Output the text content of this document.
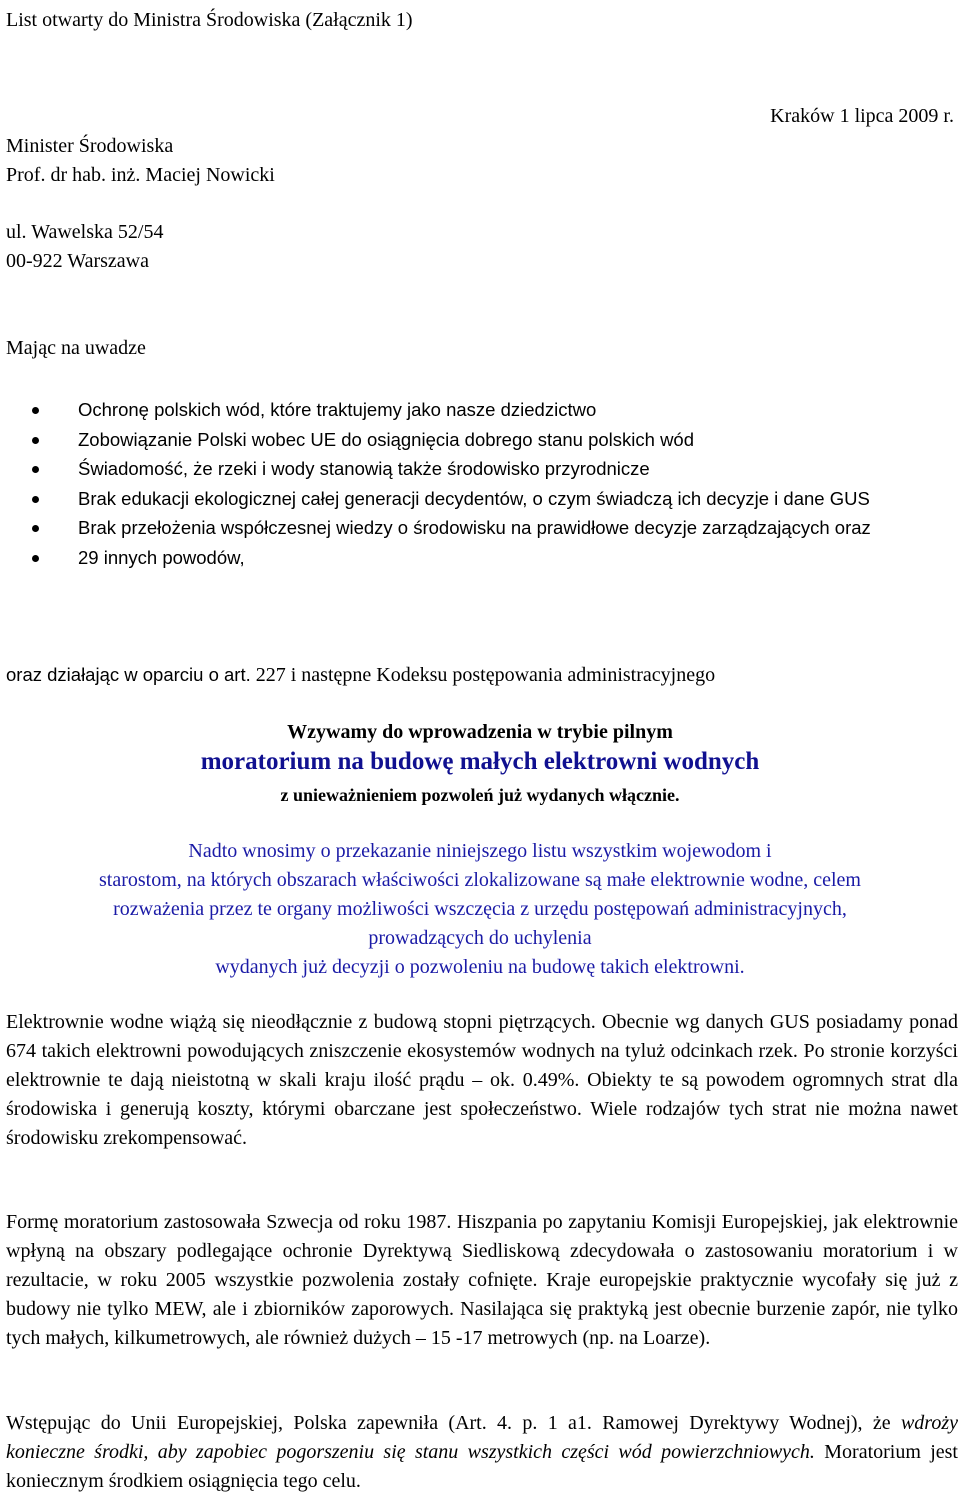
List otwarty do Ministra Środowiska (Załącznik 1)
Kraków 1 lipca 2009 r.
Minister Środowiska
Prof. dr hab. inż. Maciej Nowicki
ul. Wawelska 52/54
00-922 Warszawa
Mając na uwadze
Ochronę polskich wód, które traktujemy jako nasze dziedzictwo
Zobowiązanie Polski wobec UE do osiągnięcia dobrego stanu polskich wód
Świadomość, że rzeki i wody stanowią także środowisko przyrodnicze
Brak edukacji ekologicznej całej generacji decydentów, o czym świadczą ich decyzje i dane GUS
Brak przełożenia współczesnej wiedzy o środowisku na prawidłowe decyzje zarządzających oraz
29 innych powodów,
oraz działając w oparciu o art. 227 i następne Kodeksu postępowania administracyjnego
Wzywamy do wprowadzenia w trybie pilnym
moratorium na budowę małych elektrowni wodnych
z unieważnieniem pozwoleń już wydanych włącznie.
Nadto wnosimy o przekazanie niniejszego listu wszystkim wojewodom i
starostom, na których obszarach właściwości zlokalizowane są małe elektrownie wodne, celem
rozważenia przez te organy możliwości wszczęcia z urzędu postępowań administracyjnych,
prowadzących do uchylenia
wydanych już decyzji o pozwoleniu na budowę takich elektrowni.
Elektrownie wodne wiążą się nieodłącznie z budową stopni piętrzących. Obecnie wg danych GUS posiadamy ponad 674 takich elektrowni powodujących zniszczenie ekosystemów wodnych na tyluż odcinkach rzek. Po stronie korzyści elektrownie te dają nieistotną w skali kraju ilość prądu – ok. 0.49%. Obiekty te są powodem ogromnych strat dla środowiska i generują koszty, którymi obarczane jest społeczeństwo. Wiele rodzajów tych strat nie można nawet środowisku zrekompensować.
Formę moratorium zastosowała Szwecja od roku 1987. Hiszpania po zapytaniu Komisji Europejskiej, jak elektrownie wpłyną na obszary podlegające ochronie Dyrektywą Siedliskową zdecydowała o zastosowaniu moratorium i w rezultacie, w roku 2005 wszystkie pozwolenia zostały cofnięte. Kraje europejskie praktycznie wycofały się już z budowy nie tylko MEW, ale i zbiorników zaporowych. Nasilająca się praktyką jest obecnie burzenie zapór, nie tylko tych małych, kilkumetrowych, ale również dużych – 15 -17 metrowych (np. na Loarze).
Wstępując do Unii Europejskiej, Polska zapewniła (Art. 4. p. 1 a1. Ramowej Dyrektywy Wodnej), że wdroży konieczne środki, aby zapobiec pogorszeniu się stanu wszystkich części wód powierzchniowych. Moratorium jest koniecznym środkiem osiągnięcia tego celu.
